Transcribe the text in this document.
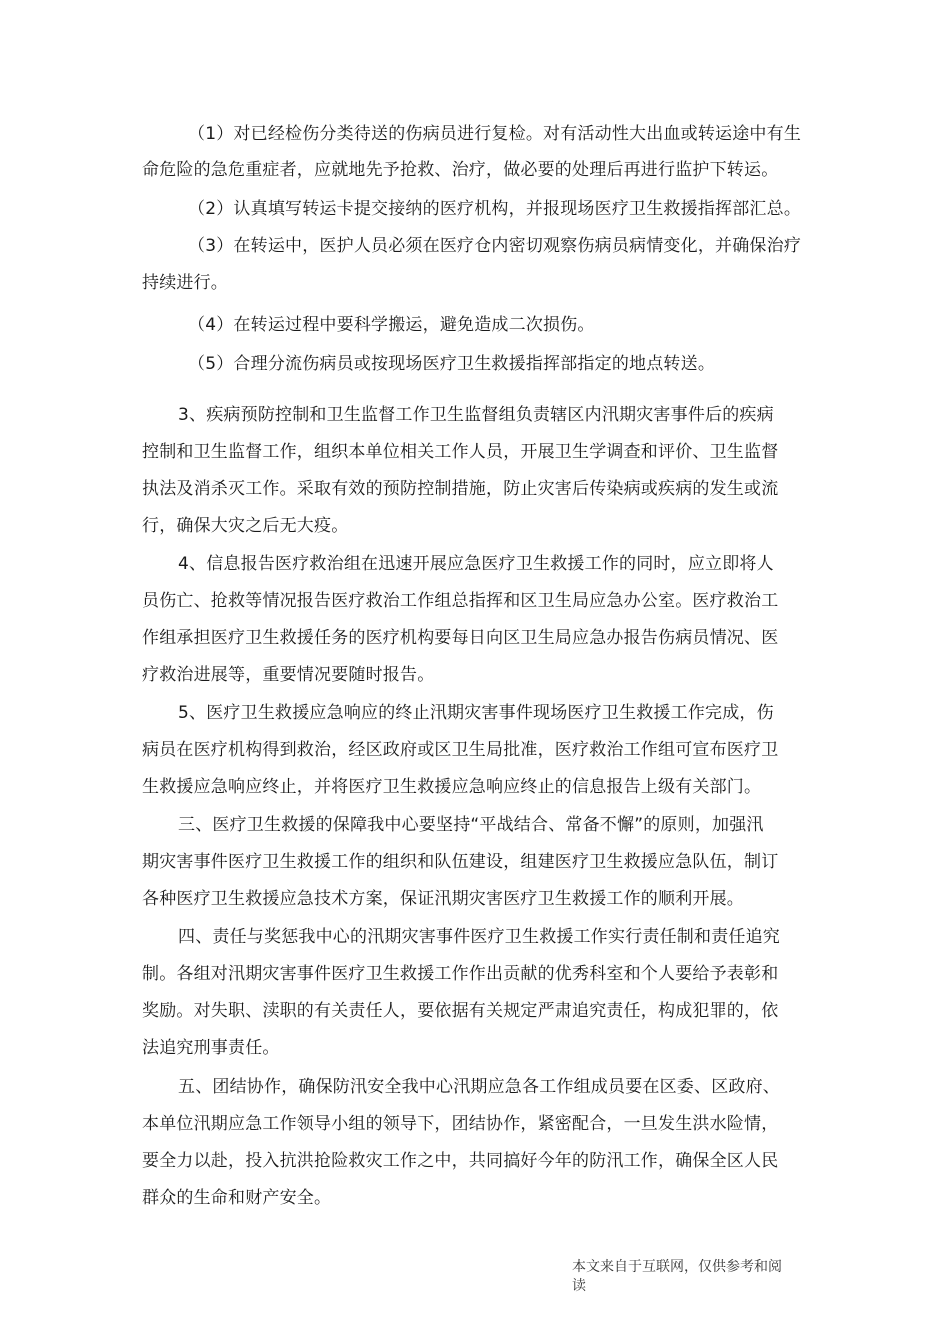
（1）对已经检伤分类待送的伤病员进行复检。对有活动性大出血或转运途中有生
命危险的急危重症者，应就地先予抢救、治疗，做必要的处理后再进行监护下转运。
（2）认真填写转运卡提交接纳的医疗机构，并报现场医疗卫生救援指挥部汇总。
（3）在转运中，医护人员必须在医疗仓内密切观察伤病员病情变化，并确保治疗
持续进行。
（4）在转运过程中要科学搬运，避免造成二次损伤。
（5）合理分流伤病员或按现场医疗卫生救援指挥部指定的地点转送。
3、疾病预防控制和卫生监督工作卫生监督组负责辖区内汛期灾害事件后的疾病
控制和卫生监督工作，组织本单位相关工作人员，开展卫生学调查和评价、卫生监督
执法及消杀灭工作。采取有效的预防控制措施，防止灾害后传染病或疾病的发生或流
行，确保大灾之后无大疫。
4、信息报告医疗救治组在迅速开展应急医疗卫生救援工作的同时，应立即将人
员伤亡、抢救等情况报告医疗救治工作组总指挥和区卫生局应急办公室。医疗救治工
作组承担医疗卫生救援任务的医疗机构要每日向区卫生局应急办报告伤病员情况、医
疗救治进展等，重要情况要随时报告。
5、医疗卫生救援应急响应的终止汛期灾害事件现场医疗卫生救援工作完成，伤
病员在医疗机构得到救治，经区政府或区卫生局批准，医疗救治工作组可宣布医疗卫
生救援应急响应终止，并将医疗卫生救援应急响应终止的信息报告上级有关部门。
三、医疗卫生救援的保障我中心要坚持“平战结合、常备不懈”的原则，加强汛
期灾害事件医疗卫生救援工作的组织和队伍建设，组建医疗卫生救援应急队伍，制订
各种医疗卫生救援应急技术方案，保证汛期灾害医疗卫生救援工作的顺利开展。
四、责任与奖惩我中心的汛期灾害事件医疗卫生救援工作实行责任制和责任追究
制。各组对汛期灾害事件医疗卫生救援工作作出贡献的优秀科室和个人要给予表彰和
奖励。对失职、渎职的有关责任人，要依据有关规定严肃追究责任，构成犯罪的，依
法追究刑事责任。
五、团结协作，确保防汛安全我中心汛期应急各工作组成员要在区委、区政府、
本单位汛期应急工作领导小组的领导下，团结协作，紧密配合，一旦发生洪水险情，
要全力以赴，投入抗洪抢险救灾工作之中，共同搞好今年的防汛工作，确保全区人民
群众的生命和财产安全。
本文来自于互联网，仅供参考和阅
读
